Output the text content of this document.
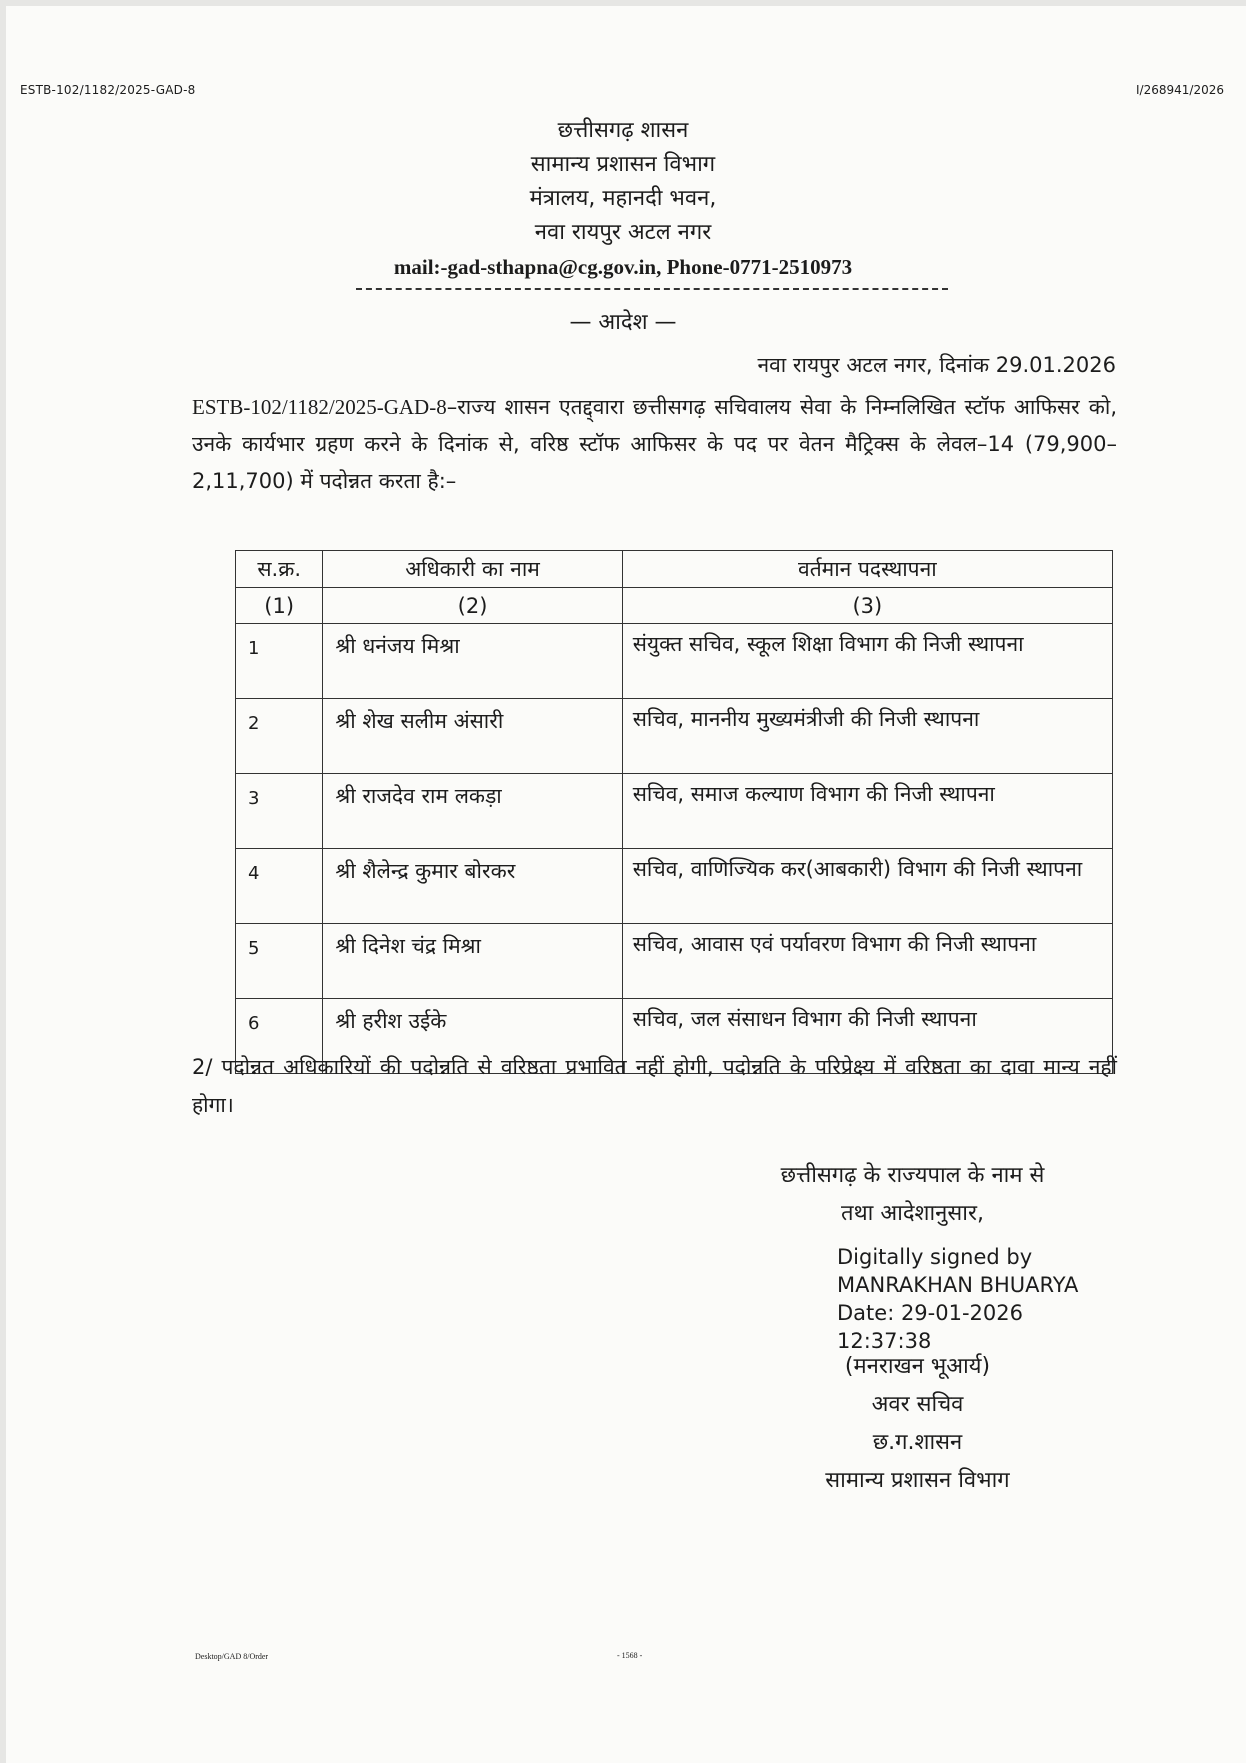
ESTB-102/1182/2025-GAD-8	I/268941/2026
छत्तीसगढ़ शासन
सामान्य प्रशासन विभाग
मंत्रालय, महानदी भवन,
नवा रायपुर अटल नगर
mail:-gad-sthapna@cg.gov.in, Phone-0771-2510973
— आदेश —
नवा रायपुर अटल नगर, दिनांक 29.01.2026
ESTB-102/1182/2025-GAD-8–राज्य शासन एतद्द्वारा छत्तीसगढ़ सचिवालय सेवा के निम्नलिखित स्टॉफ आफिसर को, उनके कार्यभार ग्रहण करने के दिनांक से, वरिष्ठ स्टॉफ आफिसर के पद पर वेतन मैट्रिक्स के लेवल–14 (79,900–2,11,700) में पदोन्नत करता है:–
स.क्र.	अधिकारी का नाम	वर्तमान पदस्थापना
(1)	(2)	(3)
1	श्री धनंजय मिश्रा	संयुक्त सचिव, स्कूल शिक्षा विभाग की निजी स्थापना
2	श्री शेख सलीम अंसारी	सचिव, माननीय मुख्यमंत्रीजी की निजी स्थापना
3	श्री राजदेव राम लकड़ा	सचिव, समाज कल्याण विभाग की निजी स्थापना
4	श्री शैलेन्द्र कुमार बोरकर	सचिव, वाणिज्यिक कर(आबकारी) विभाग की निजी स्थापना
5	श्री दिनेश चंद्र मिश्रा	सचिव, आवास एवं पर्यावरण विभाग की निजी स्थापना
6	श्री हरीश उईके	सचिव, जल संसाधन विभाग की निजी स्थापना
2/ पदोन्नत अधिकारियों की पदोन्नति से वरिष्ठता प्रभावित नहीं होगी, पदोन्नति के परिप्रेक्ष्य में वरिष्ठता का दावा मान्य नहीं होगा।
छत्तीसगढ़ के राज्यपाल के नाम से
तथा आदेशानुसार,
Digitally signed by
MANRAKHAN BHUARYA
Date: 29-01-2026
12:37:38
(मनराखन भूआर्य)
अवर सचिव
छ.ग.शासन
सामान्य प्रशासन विभाग
Desktop/GAD 8/Order	- 1568 -
